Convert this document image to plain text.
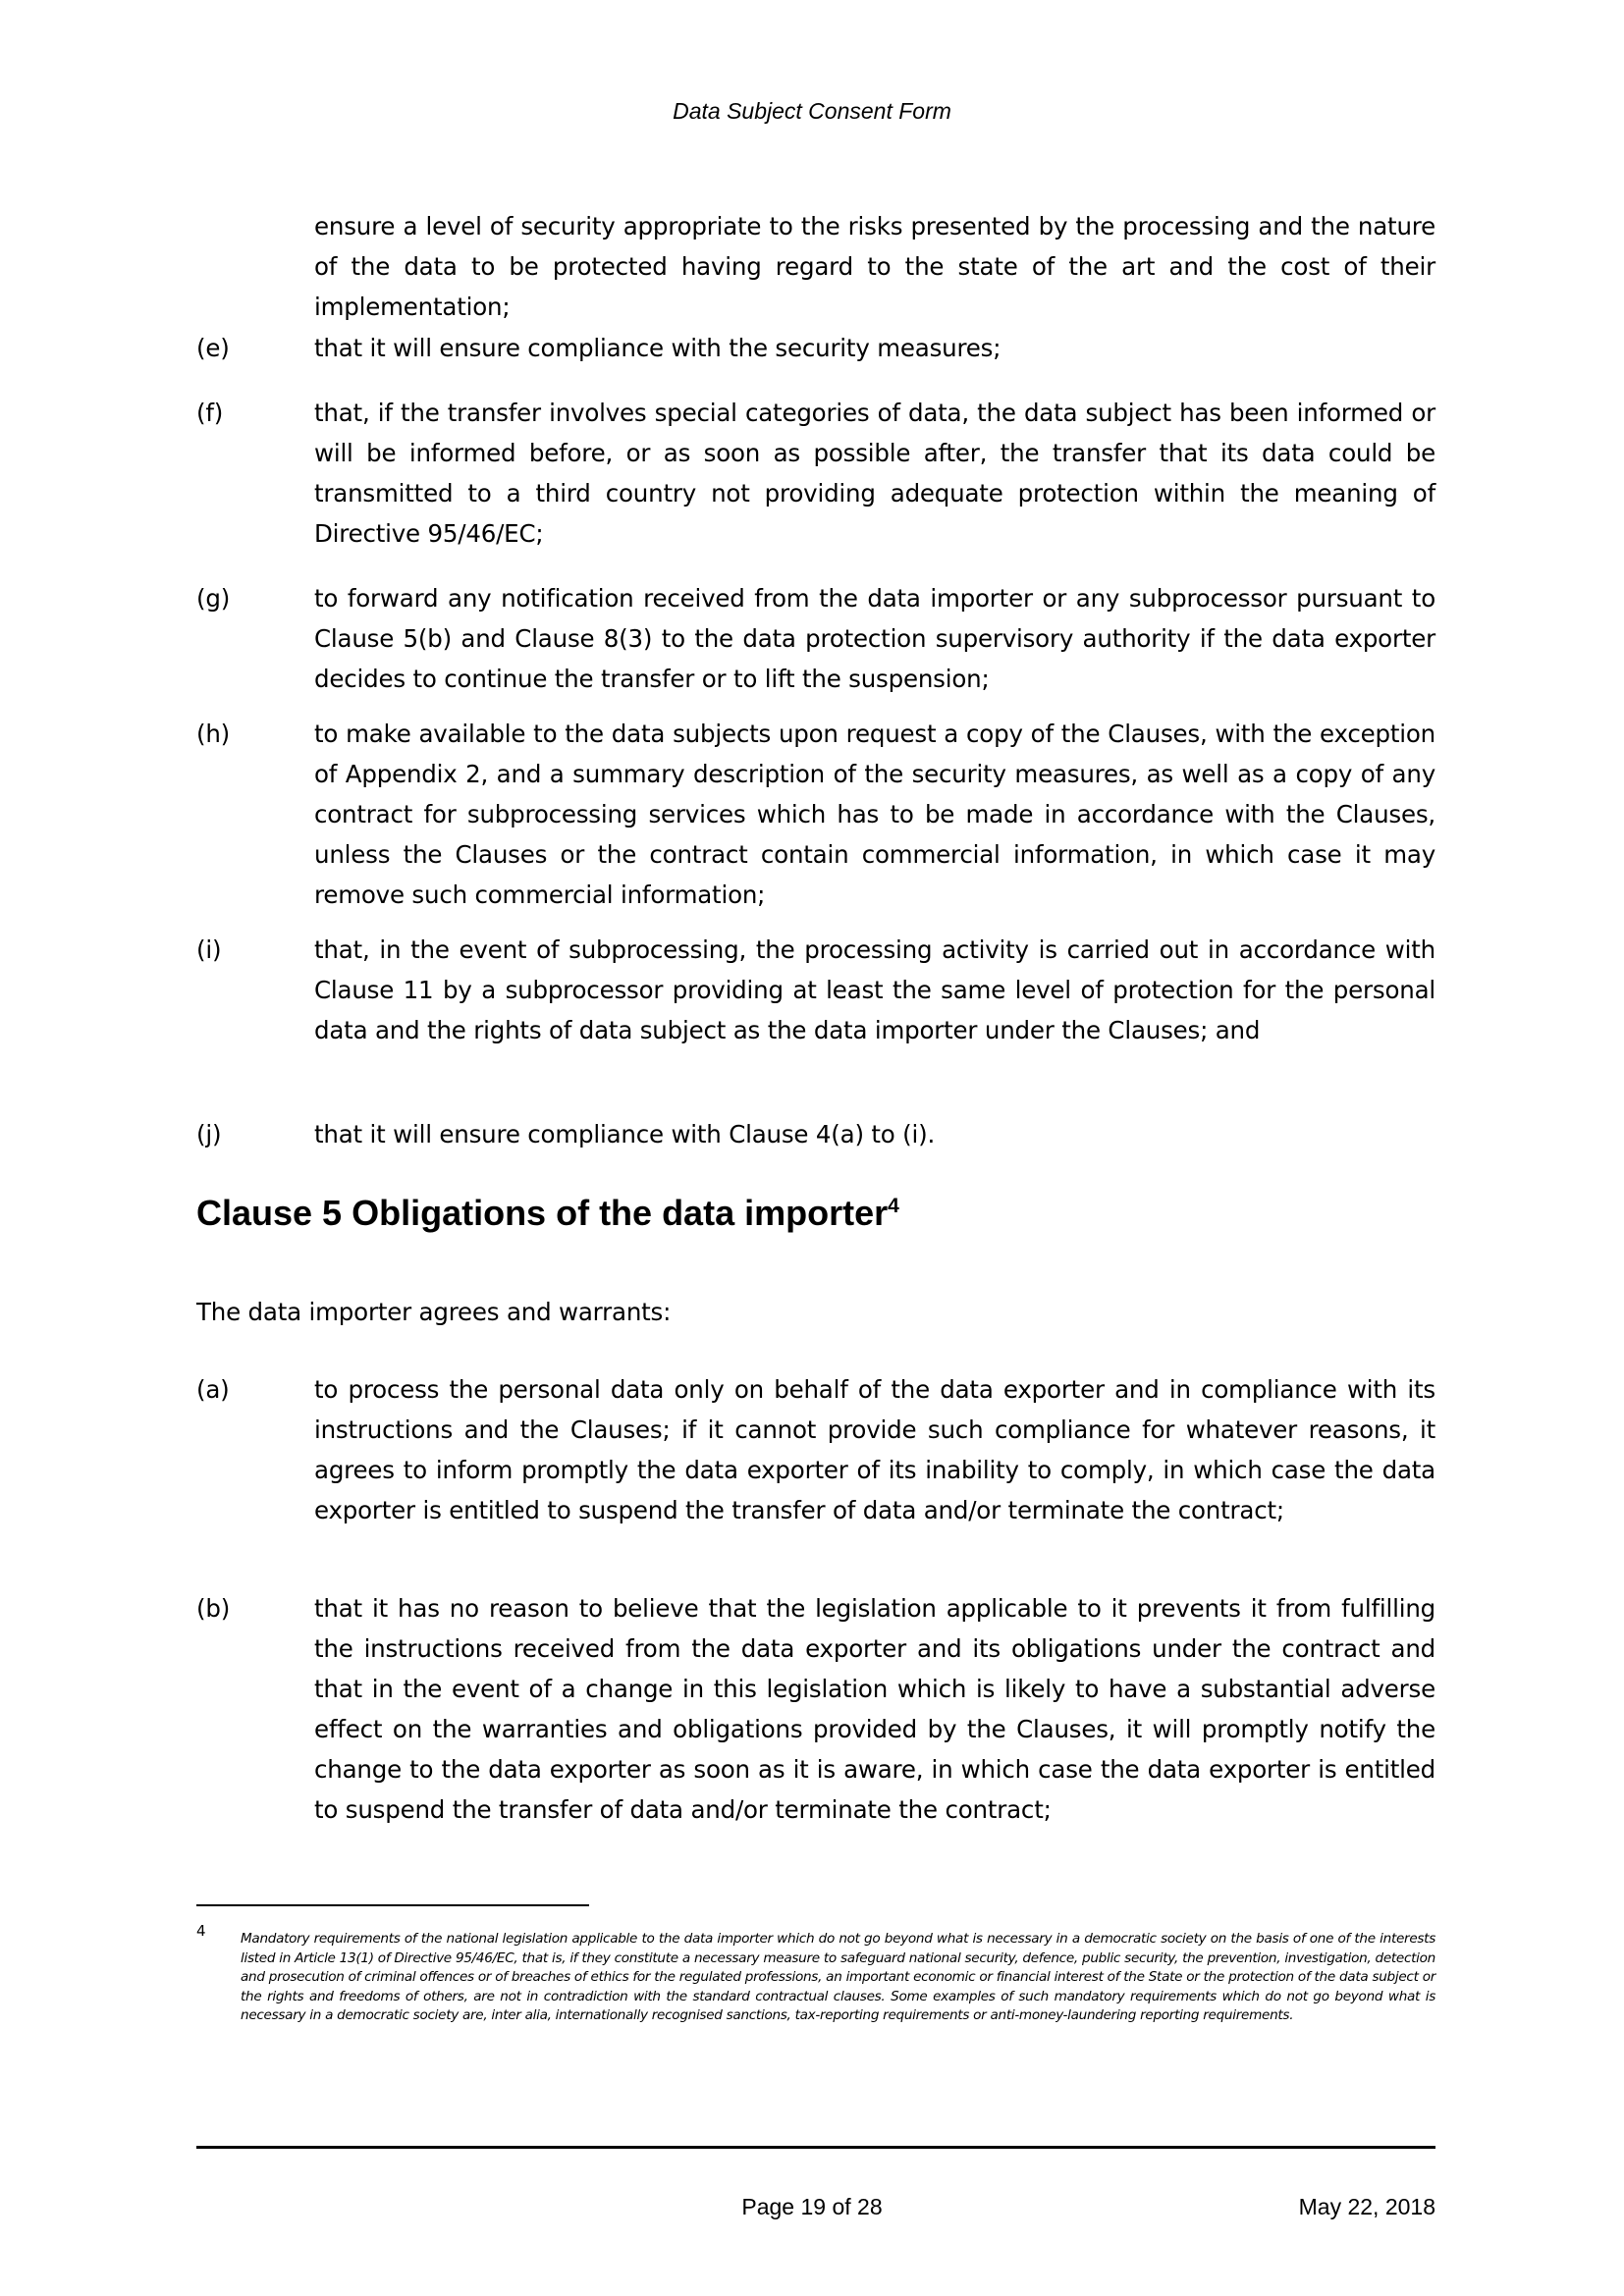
Data Subject Consent Form

ensure a level of security appropriate to the risks presented by the processing and the nature of the data to be protected having regard to the state of the art and the cost of their implementation;

(e)	that it will ensure compliance with the security measures;
(f)	that, if the transfer involves special categories of data, the data subject has been informed or will be informed before, or as soon as possible after, the transfer that its data could be transmitted to a third country not providing adequate protection within the meaning of Directive 95/46/EC;
(g)	to forward any notification received from the data importer or any subprocessor pursuant to Clause 5(b) and Clause 8(3) to the data protection supervisory authority if the data exporter decides to continue the transfer or to lift the suspension;
(h)	to make available to the data subjects upon request a copy of the Clauses, with the exception of Appendix 2, and a summary description of the security measures, as well as a copy of any contract for subprocessing services which has to be made in accordance with the Clauses, unless the Clauses or the contract contain commercial information, in which case it may remove such commercial information;
(i)	that, in the event of subprocessing, the processing activity is carried out in accordance with Clause 11 by a subprocessor providing at least the same level of protection for the personal data and the rights of data subject as the data importer under the Clauses; and
(j)	that it will ensure compliance with Clause 4(a) to (i).
Clause 5 Obligations of the data importer$^4$

The data importer agrees and warrants:

(a)	to process the personal data only on behalf of the data exporter and in compliance with its instructions and the Clauses; if it cannot provide such compliance for whatever reasons, it agrees to inform promptly the data exporter of its inability to comply, in which case the data exporter is entitled to suspend the transfer of data and/or terminate the contract;
(b)	that it has no reason to believe that the legislation applicable to it prevents it from fulfilling the instructions received from the data exporter and its obligations under the contract and that in the event of a change in this legislation which is likely to have a substantial adverse effect on the warranties and obligations provided by the Clauses, it will promptly notify the change to the data exporter as soon as it is aware, in which case the data exporter is entitled to suspend the transfer of data and/or terminate the contract;
4	Mandatory requirements of the national legislation applicable to the data importer which do not go beyond what is necessary in a democratic society on the basis of one of the interests listed in Article 13(1) of Directive 95/46/EC, that is, if they constitute a necessary measure to safeguard national security, defence, public security, the prevention, investigation, detection and prosecution of criminal offences or of breaches of ethics for the regulated professions, an important economic or financial interest of the State or the protection of the data subject or the rights and freedoms of others, are not in contradiction with the standard contractual clauses. Some examples of such mandatory requirements which do not go beyond what is necessary in a democratic society are, inter alia, internationally recognised sanctions, tax-reporting requirements or anti-money-laundering reporting requirements.
Page 19 of 28	May 22, 2018
